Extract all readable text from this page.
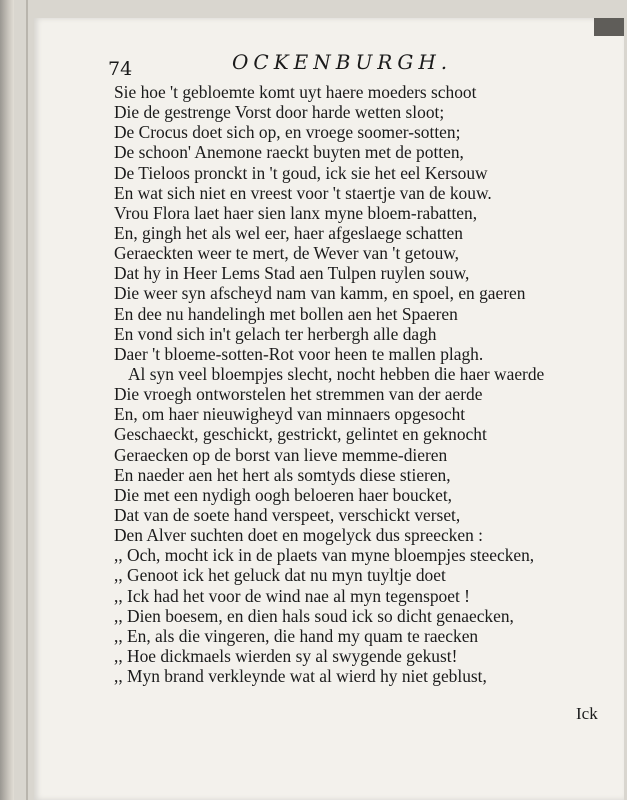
74	OCKENBURGH.
Sie hoe 't gebloemte komt uyt haere moeders schoot
Die de gestrenge Vorst door harde wetten sloot;
De Crocus doet sich op, en vroege soomer-sotten;
De schoon' Anemone raeckt buyten met de potten,
De Tieloos pronckt in 't goud, ick sie het eel Kersouw
En wat sich niet en vreest voor 't staertje van de kouw.
Vrou Flora laet haer sien lanx myne bloem-rabatten,
En, gingh het als wel eer, haer afgeslaege schatten
Geraeckten weer te mert, de Wever van 't getouw,
Dat hy in Heer Lems Stad aen Tulpen ruylen souw,
Die weer syn afscheyd nam van kamm, en spoel, en gaeren
En dee nu handelingh met bollen aen het Spaeren
En vond sich in't gelach ter herbergh alle dagh
Daer 't bloeme-sotten-Rot voor heen te mallen plagh.
Al syn veel bloempjes slecht, nocht hebben die haer waerde
Die vroegh ontworstelen het stremmen van der aerde
En, om haer nieuwigheyd van minnaers opgesocht
Geschaeckt, geschickt, gestrickt, gelintet en geknocht
Geraecken op de borst van lieve memme-dieren
En naeder aen het hert als somtyds diese stieren,
Die met een nydigh oogh beloeren haer boucket,
Dat van de soete hand verspeet, verschickt verset,
Den Alver suchten doet en mogelyck dus spreecken :
,, Och, mocht ick in de plaets van myne bloempjes steecken,
,, Genoot ick het geluck dat nu myn tuyltje doet
,, Ick had het voor de wind nae al myn tegenspoet !
,, Dien boesem, en dien hals soud ick so dicht genaecken,
,, En, als die vingeren, die hand my quam te raecken
,, Hoe dickmaels wierden sy al swygende gekust!
,, Myn brand verkleynde wat al wierd hy niet geblust,
Ick
